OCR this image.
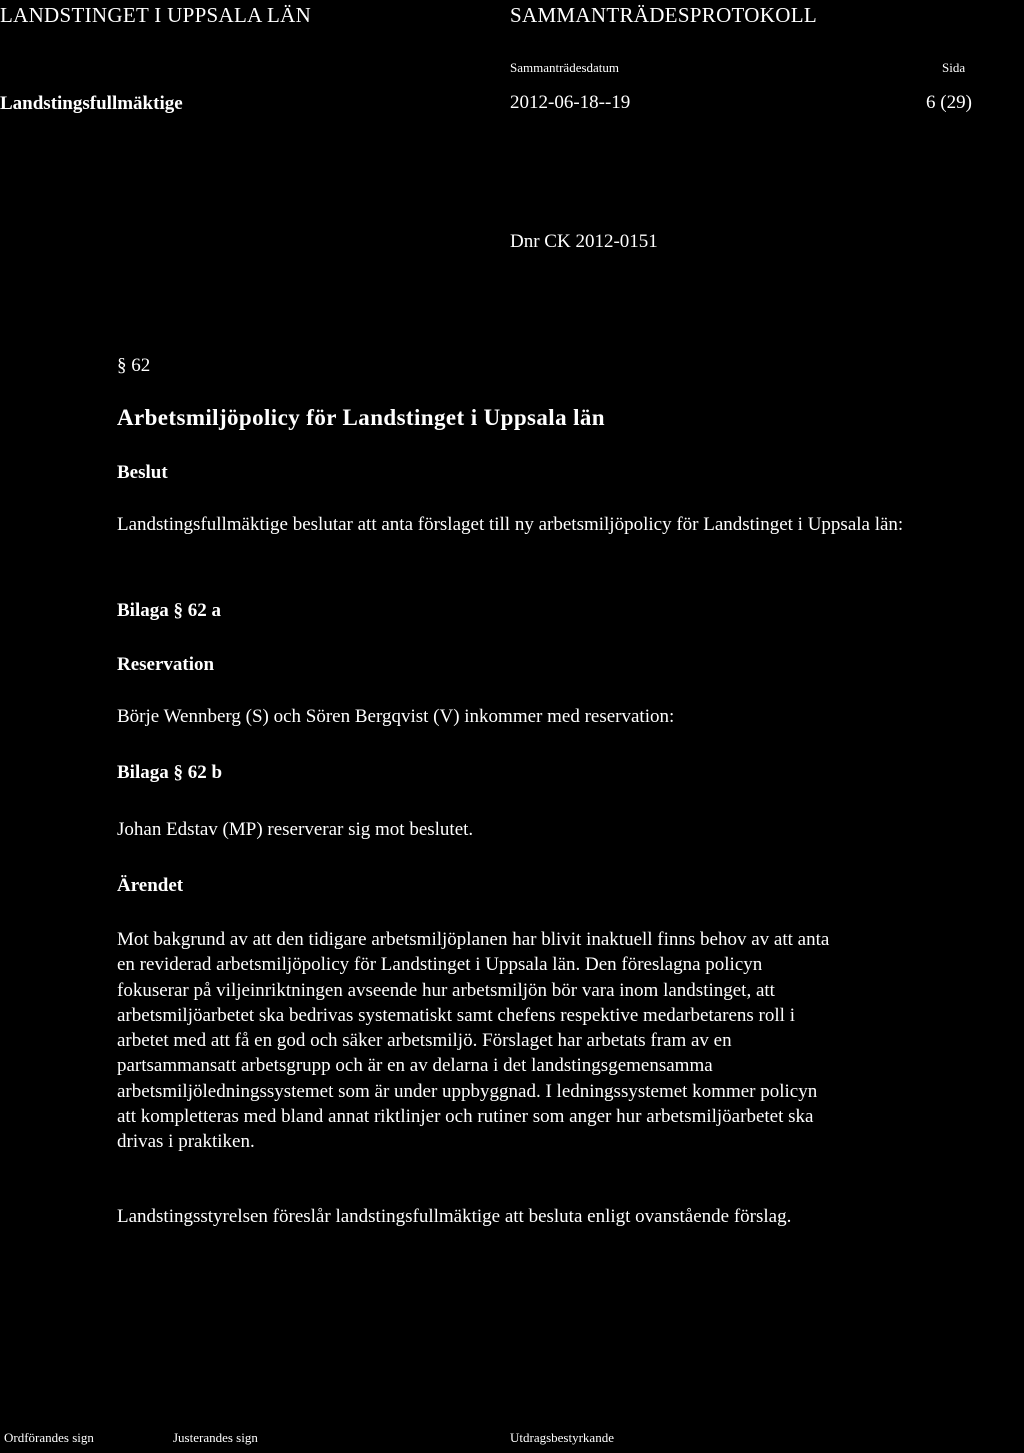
LANDSTINGET I UPPSALA LÄN	SAMMANTRÄDESPROTOKOLL
Sammanträdesdatum	Sida
Landstingsfullmäktige	2012-06-18--19	6 (29)
Dnr CK 2012-0151
§ 62
Arbetsmiljöpolicy för Landstinget i Uppsala län
Beslut
Landstingsfullmäktige beslutar att anta förslaget till ny arbetsmiljöpolicy för Landstinget i Uppsala län:
Bilaga § 62 a
Reservation
Börje Wennberg (S) och Sören Bergqvist (V) inkommer med reservation:
Bilaga § 62 b
Johan Edstav (MP) reserverar sig mot beslutet.
Ärendet
Mot bakgrund av att den tidigare arbetsmiljöplanen har blivit inaktuell finns behov av att anta
en reviderad arbetsmiljöpolicy för Landstinget i Uppsala län. Den föreslagna policyn
fokuserar på viljeinriktningen avseende hur arbetsmiljön bör vara inom landstinget, att
arbetsmiljöarbetet ska bedrivas systematiskt samt chefens respektive medarbetarens roll i
arbetet med att få en god och säker arbetsmiljö. Förslaget har arbetats fram av en
partsammansatt arbetsgrupp och är en av delarna i det landstingsgemensamma
arbetsmiljöledningssystemet som är under uppbyggnad. I ledningssystemet kommer policyn
att kompletteras med bland annat riktlinjer och rutiner som anger hur arbetsmiljöarbetet ska
drivas i praktiken.
Landstingsstyrelsen föreslår landstingsfullmäktige att besluta enligt ovanstående förslag.
Ordförandes sign	Justerandes sign	Utdragsbestyrkande
